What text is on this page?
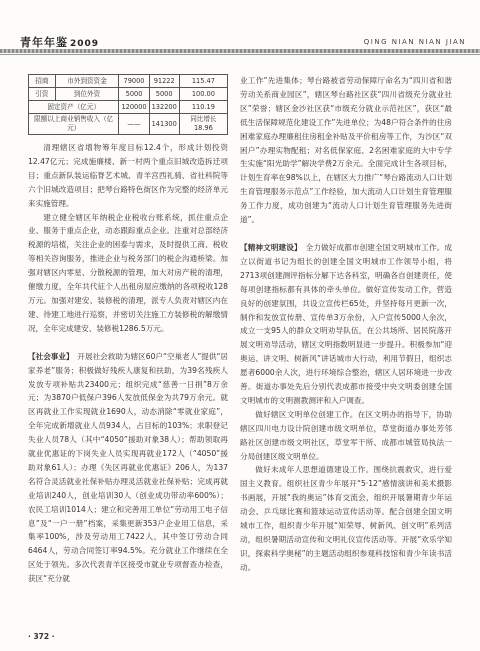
青年年鉴 2009	QING NIAN NIAN JIAN
招商	市外到资资金	79000	91222	115.47
引资	到位外资	5000	5000	100.00
固定资产（亿元）		120000	132200	110.19
限额以上商业销售收入（亿元）		——	141300	同比增长18.96

清理辖区省增物筹年度目标12.4个，形成计划投资12.47亿元；完成施廉楼、新一村两个重点旧城改造拆迁项目；重点新队装运临脊艺术城、青羊宫西礼骑、省社科院等六个旧城改造项目；把琴台路特色街区作为完整的经济单元来实施管理。

建立健全辖区年纳税企业税收台账系统，抓住重点企业、服务于重点企业，动态跟踪重点企业。注重对总部经济税源的培植，关注企业的困泰与需求，及时提供工商、税收等相关咨询服务，推进企业与税务部门的税企沟通桥梁。加强对辖区内零星、分散税源的管理，加大对房产税的清理，催缴力度，全年共代征个人出租房屋应缴纳的各项税收128万元。加强对建安、装修税的清理，派专人负责对辖区内在建、待建工地进行巡察，并密切关注施工方装修税的解缴情况，全年完成建安、装修税1286.5万元。

【社会事业】　 开展社会救助为辖区60户“空巢老人”提供“居家养老”服务；积极做好残疾人康复和扶助，为39名残疾人发放专项补贴共23400元；组织完成“慈善一日捐”8万余元；为3870户低保户396人发放低保金为共79万余元。就区再就业工作实现就业1690人，动态消除“零就业家庭”，全年完成新增就业人员934人，占目标的103%；求职登记失业人员78人（其中“4050”援助对象38人）；帮助领取再就业优惠证的下岗失业人员实现再就业172人（“4050”援助对象61人）；办理《失区再就业优惠证》206人，为137名符合灵活就业社保补贴办理灵活就业社保补贴；完成再就业培训240人，创业培训30人（创业成功带动率600%）；农民工培训1014人；建立和完善用工单位“劳动用工电子信息”及“一户一册”档案，采集更新353户企业用工信息，采集率100%，涉及劳动用工7422人，其中签订劳动合同6464人，劳动合同签订率94.5%。充分就业工作继续在全区处于领先。多次代表青羊区接受市就业专项督查办检查，获区“充分就

业工作”先进集体；琴台路被省劳动保障厅命名为“四川省和谐劳动关系商业园区”，辖区琴台路社区获“四川省级充分就业社区”荣誉；辖区金沙社区获“市级充分就业示范社区”，获区“最低生活保障规范化建设工作”先进单位；为48户符合条件的住房困难家庭办理廉租住房租金补贴及平价租房等工作，为沙区“双困户”办理实物配租；对名低保家庭、2名困难家庭的大中专学生实施“阳光助学”解决学费2万余元。全面完成计生各项目标，计划生育率在98%以上，在辖区大力推广“琴台路流动人口计划生育管理服务示范点”工作经验，加大流动人口计划生育管理服务工作力度，成功创建为“流动人口计划生育管理服务先进街道”。

【精神文明建设】　 全力做好成都市创建全国文明城市工作。成立以街道书记为组长的创建全国文明城市工作领导小组，将2713项创建测评指标分解下达各科室，明确各自创建责任，使每项创建指标都有具体的牵头单位。做好宣传发动工作，营造良好的创建氛围，共设立宣传栏65处，并坚持每月更新一次，制作和发放宣传册、宣传单3万余份，入户宣传5000人余次，成立一支95人的群众文明劝导队伍，在公共场所、居民院落开展文明劝导活动，辖区文明指数明显进一步提升。积极参加“迎奥运、讲文明、树新风”讲话城市大行动，利用节假日，组织志愿者6000余人次，进行环境综合整治，辖区人居环境进一步改善。街道办事处先后分别代表成都市接受中央文明委创建全国文明城市的文明测教测评和入户调查。

做好辖区文明单位创建工作。在区文明办的指导下，协助辖区四川电力设计院创建市级文明单位，草堂街道办事处芳邻路社区创建市级文明社区，草堂军干所、成都市城管局执法一分局创建区级文明单位。

做好未成年人思想道德建设工作。围绕抗震救灾，进行爱国主义教育。组织社区青少年展开“5·12”感情演讲和美术摄影书画展，开展“我的奥运”体育交流会，组织开展暑期青少年运动会、乒乓球比赛和篮球运动宣传活动等。配合创建全国文明城市工作，组织青少年开展“知荣辱、树新风、创文明”系列活动，组织暑期活动宣传和文明礼仪宣传活动等。开展“欢乐学知识，探索科学奥秘”的主题活动组织参观科技馆和青少年读书活动。

· 372 ·
